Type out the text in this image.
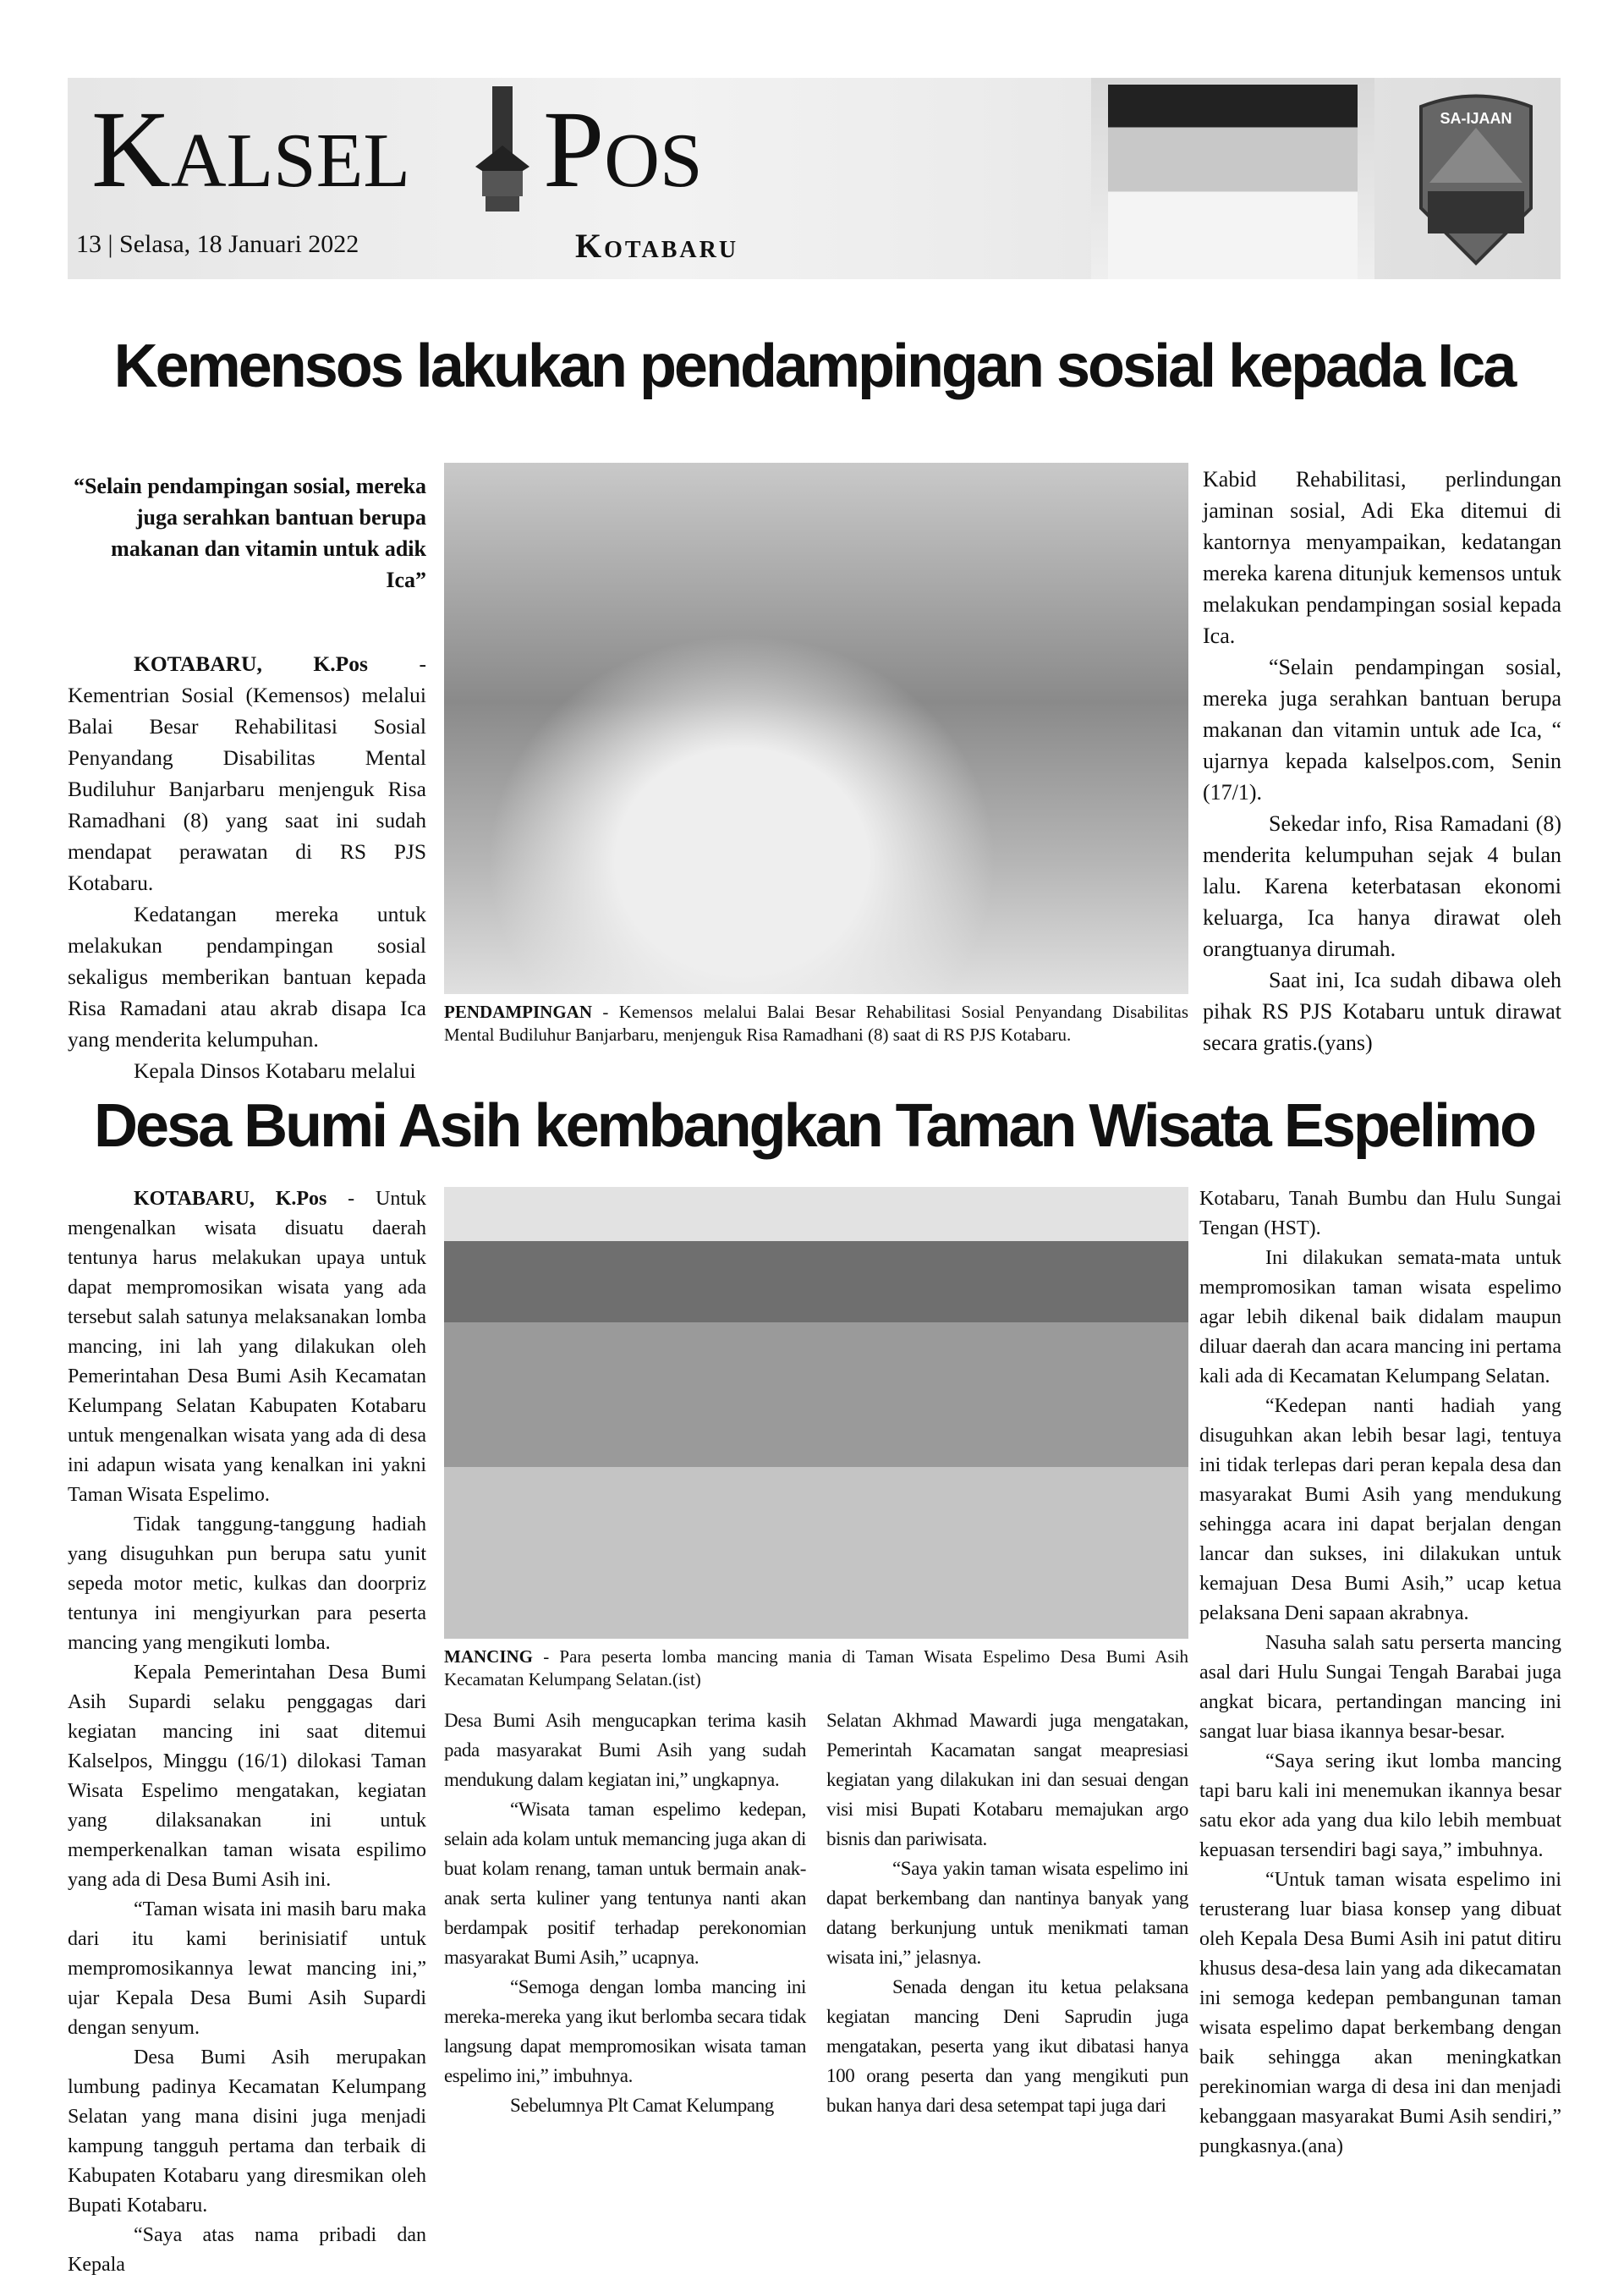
Kalsel Pos
13 | Selasa, 18 Januari 2022	Kotabaru
SA-IJAAN
Kemensos lakukan pendampingan sosial kepada Ica
“Selain pendampingan sosial, mereka juga serahkan bantuan berupa makanan dan vitamin untuk adik Ica”

KOTABARU, K.Pos - Kementrian Sosial (Kemensos) melalui Balai Besar Rehabilitasi Sosial Penyandang Disabilitas Mental Budiluhur Banjarbaru menjenguk Risa Ramadhani (8) yang saat ini sudah mendapat perawatan di RS PJS Kotabaru.

Kedatangan mereka untuk melakukan pendampingan sosial sekaligus memberikan bantuan kepada Risa Ramadani atau akrab disapa Ica yang menderita kelumpuhan.

Kepala Dinsos Kotabaru melalui

PENDAMPINGAN - Kemensos melalui Balai Besar Rehabilitasi Sosial Penyandang Disabilitas Mental Budiluhur Banjarbaru, menjenguk Risa Ramadhani (8) saat di RS PJS Kotabaru.

Kabid Rehabilitasi, perlindungan jaminan sosial, Adi Eka ditemui di kantornya menyampaikan, kedatangan mereka karena ditunjuk kemensos untuk melakukan pendampingan sosial kepada Ica.

“Selain pendampingan sosial, mereka juga serahkan bantuan berupa makanan dan vitamin untuk ade Ica, “ ujarnya kepada kalselpos.com, Senin (17/1).

Sekedar info, Risa Ramadani (8) menderita kelumpuhan sejak 4 bulan lalu. Karena keterbatasan ekonomi keluarga, Ica hanya dirawat oleh orangtuanya dirumah.

Saat ini, Ica sudah dibawa oleh pihak RS PJS Kotabaru untuk dirawat secara gratis.(yans)

Desa Bumi Asih kembangkan Taman Wisata Espelimo

KOTABARU, K.Pos - Untuk mengenalkan wisata disuatu daerah tentunya harus melakukan upaya untuk dapat mempromosikan wisata yang ada tersebut salah satunya melaksanakan lomba mancing, ini lah yang dilakukan oleh Pemerintahan Desa Bumi Asih Kecamatan Kelumpang Selatan Kabupaten Kotabaru untuk mengenalkan wisata yang ada di desa ini adapun wisata yang kenalkan ini yakni Taman Wisata Espelimo.

Tidak tanggung-tanggung hadiah yang disuguhkan pun berupa satu yunit sepeda motor metic, kulkas dan doorpriz tentunya ini mengiyurkan para peserta mancing yang mengikuti lomba.

Kepala Pemerintahan Desa Bumi Asih Supardi selaku penggagas dari kegiatan mancing ini saat ditemui Kalselpos, Minggu (16/1) dilokasi Taman Wisata Espelimo mengatakan, kegiatan yang dilaksanakan ini untuk memperkenalkan taman wisata espilimo yang ada di Desa Bumi Asih ini.

“Taman wisata ini masih baru maka dari itu kami berinisiatif untuk mempromosikannya lewat mancing ini,” ujar Kepala Desa Bumi Asih Supardi dengan senyum.

Desa Bumi Asih merupakan lumbung padinya Kecamatan Kelumpang Selatan yang mana disini juga menjadi kampung tangguh pertama dan terbaik di Kabupaten Kotabaru yang diresmikan oleh Bupati Kotabaru.

“Saya atas nama pribadi dan Kepala

MANCING - Para peserta lomba mancing mania di Taman Wisata Espelimo Desa Bumi Asih Kecamatan Kelumpang Selatan.(ist)

Desa Bumi Asih mengucapkan terima kasih pada masyarakat Bumi Asih yang sudah mendukung dalam kegiatan ini,” ungkapnya.

“Wisata taman espelimo kedepan, selain ada kolam untuk memancing juga akan di buat kolam renang, taman untuk bermain anak-anak serta kuliner yang tentunya nanti akan berdampak positif terhadap perekonomian masyarakat Bumi Asih,” ucapnya.

“Semoga dengan lomba mancing ini mereka-mereka yang ikut berlomba secara tidak langsung dapat mempromosikan wisata taman espelimo ini,” imbuhnya.

Sebelumnya Plt Camat Kelumpang

Selatan Akhmad Mawardi juga mengatakan, Pemerintah Kacamatan sangat meapresiasi kegiatan yang dilakukan ini dan sesuai dengan visi misi Bupati Kotabaru memajukan argo bisnis dan pariwisata.

“Saya yakin taman wisata espelimo ini dapat berkembang dan nantinya banyak yang datang berkunjung untuk menikmati taman wisata ini,” jelasnya.

Senada dengan itu ketua pelaksana kegiatan mancing Deni Saprudin juga mengatakan, peserta yang ikut dibatasi hanya 100 orang peserta dan yang mengikuti pun bukan hanya dari desa setempat tapi juga dari

Kotabaru, Tanah Bumbu dan Hulu Sungai Tengan (HST).

Ini dilakukan semata-mata untuk mempromosikan taman wisata espelimo agar lebih dikenal baik didalam maupun diluar daerah dan acara mancing ini pertama kali ada di Kecamatan Kelumpang Selatan.

“Kedepan nanti hadiah yang disuguhkan akan lebih besar lagi, tentuya ini tidak terlepas dari peran kepala desa dan masyarakat Bumi Asih yang mendukung sehingga acara ini dapat berjalan dengan lancar dan sukses, ini dilakukan untuk kemajuan Desa Bumi Asih,” ucap ketua pelaksana Deni sapaan akrabnya.

Nasuha salah satu perserta mancing asal dari Hulu Sungai Tengah Barabai juga angkat bicara, pertandingan mancing ini sangat luar biasa ikannya besar-besar.

“Saya sering ikut lomba mancing tapi baru kali ini menemukan ikannya besar satu ekor ada yang dua kilo lebih membuat kepuasan tersendiri bagi saya,” imbuhnya.

“Untuk taman wisata espelimo ini terusterang luar biasa konsep yang dibuat oleh Kepala Desa Bumi Asih ini patut ditiru khusus desa-desa lain yang ada dikecamatan ini semoga kedepan pembangunan taman wisata espelimo dapat berkembang dengan baik sehingga akan meningkatkan perekinomian warga di desa ini dan menjadi kebanggaan masyarakat Bumi Asih sendiri,” pungkasnya.(ana)
